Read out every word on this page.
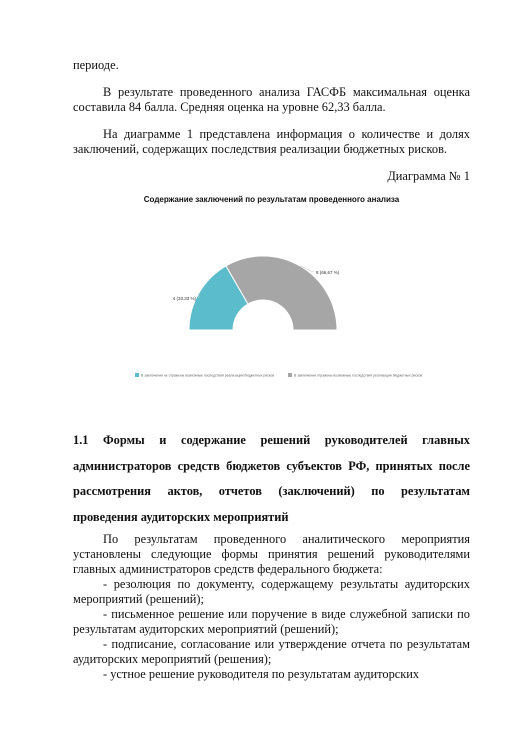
периоде.

В результате проведенного анализа ГАСФБ максимальная оценка составила 84 балла. Средняя оценка на уровне 62,33 балла.

На диаграмме 1 представлена информация о количестве и долях заключений, содержащих последствия реализации бюджетных рисков.

Диаграмма № 1

Содержание заключений по результатам проведенного анализа
4 (33,33 %)
8 (66,67 %)
В заключении не отражены возможные последствия реализации бюджетных рисков	В заключении отражены возможные последствия реализации бюджетных рисков

1.1 Формы и содержание решений руководителей главных администраторов средств бюджетов субъектов РФ, принятых после рассмотрения актов, отчетов (заключений) по результатам проведения аудиторских мероприятий

По результатам проведенного аналитического мероприятия установлены следующие формы принятия решений руководителями главных администраторов средств федерального бюджета:

- резолюция по документу, содержащему результаты аудиторских мероприятий (решений);

- письменное решение или поручение в виде служебной записки по результатам аудиторских мероприятий (решений);

- подписание, согласование или утверждение отчета по результатам аудиторских мероприятий (решения);

- устное решение руководителя по результатам аудиторских
